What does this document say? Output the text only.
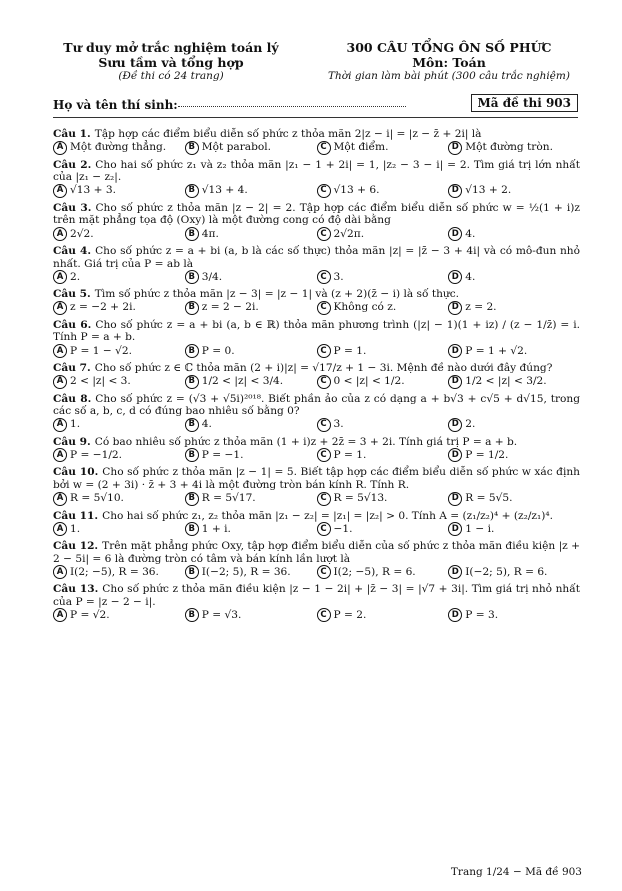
Tư duy mở trắc nghiệm toán lý
Sưu tầm và tổng hợp
(Đề thi có 24 trang)
300 CÂU TỔNG ÔN SỐ PHỨC
Môn: Toán
Thời gian làm bài phút (300 câu trắc nghiệm)
Họ và tên thí sinh:	Mã đề thi 903
Câu 1. Tập hợp các điểm biểu diễn số phức z thỏa mãn 2|z − i| = |z − z̄ + 2i| là
A Một đường thẳng.	B Một parabol.	C Một điểm.	D Một đường tròn.
Câu 2. Cho hai số phức z₁ và z₂ thỏa mãn |z₁ − 1 + 2i| = 1, |z₂ − 3 − i| = 2. Tìm giá trị lớn nhất của |z₁ − z₂|.
A √13 + 3.	B √13 + 4.	C √13 + 6.	D √13 + 2.
Câu 3. Cho số phức z thỏa mãn |z − 2| = 2. Tập hợp các điểm biểu diễn số phức w = ½(1 + i)z trên mặt phẳng tọa độ (Oxy) là một đường cong có độ dài bằng
A 2√2.	B 4π.	C 2√2π.	D 4.
Câu 4. Cho số phức z = a + bi (a, b là các số thực) thỏa mãn |z| = |z̄ − 3 + 4i| và có mô-đun nhỏ nhất. Giá trị của P = ab là
A 2.	B 3/4.	C 3.	D 4.
Câu 5. Tìm số phức z thỏa mãn |z − 3| = |z − 1| và (z + 2)(z̄ − i) là số thực.
A z = −2 + 2i.	B z = 2 − 2i.	C Không có z.	D z = 2.
Câu 6. Cho số phức z = a + bi (a, b ∈ ℝ) thỏa mãn phương trình (|z| − 1)(1 + iz) / (z − 1/z̄) = i. Tính P = a + b.
A P = 1 − √2.	B P = 0.	C P = 1.	D P = 1 + √2.
Câu 7. Cho số phức z ∈ ℂ thỏa mãn (2 + i)|z| = √17/z + 1 − 3i. Mệnh đề nào dưới đây đúng?
A 2 < |z| < 3.	B 1/2 < |z| < 3/4.	C 0 < |z| < 1/2.	D 1/2 < |z| < 3/2.
Câu 8. Cho số phức z = (√3 + √5i)²⁰¹⁸. Biết phần ảo của z có dạng a + b√3 + c√5 + d√15, trong các số a, b, c, d có đúng bao nhiêu số bằng 0?
A 1.	B 4.	C 3.	D 2.
Câu 9. Có bao nhiêu số phức z thỏa mãn (1 + i)z + 2z̄ = 3 + 2i. Tính giá trị P = a + b.
A P = −1/2.	B P = −1.	C P = 1.	D P = 1/2.
Câu 10. Cho số phức z thỏa mãn |z − 1| = 5. Biết tập hợp các điểm biểu diễn số phức w xác định bởi w = (2 + 3i) · z̄ + 3 + 4i là một đường tròn bán kính R. Tính R.
A R = 5√10.	B R = 5√17.	C R = 5√13.	D R = 5√5.
Câu 11. Cho hai số phức z₁, z₂ thỏa mãn |z₁ − z₂| = |z₁| = |z₂| > 0. Tính A = (z₁/z₂)⁴ + (z₂/z₁)⁴.
A 1.	B 1 + i.	C −1.	D 1 − i.
Câu 12. Trên mặt phẳng phức Oxy, tập hợp điểm biểu diễn của số phức z thỏa mãn điều kiện |z + 2 − 5i| = 6 là đường tròn có tâm và bán kính lần lượt là
A I(2; −5), R = 36.	B I(−2; 5), R = 36.	C I(2; −5), R = 6.	D I(−2; 5), R = 6.
Câu 13. Cho số phức z thỏa mãn điều kiện |z − 1 − 2i| + |z̄ − 3| = |√7 + 3i|. Tìm giá trị nhỏ nhất của P = |z − 2 − i|.
A P = √2.	B P = √3.	C P = 2.	D P = 3.
Trang 1/24 − Mã đề 903
